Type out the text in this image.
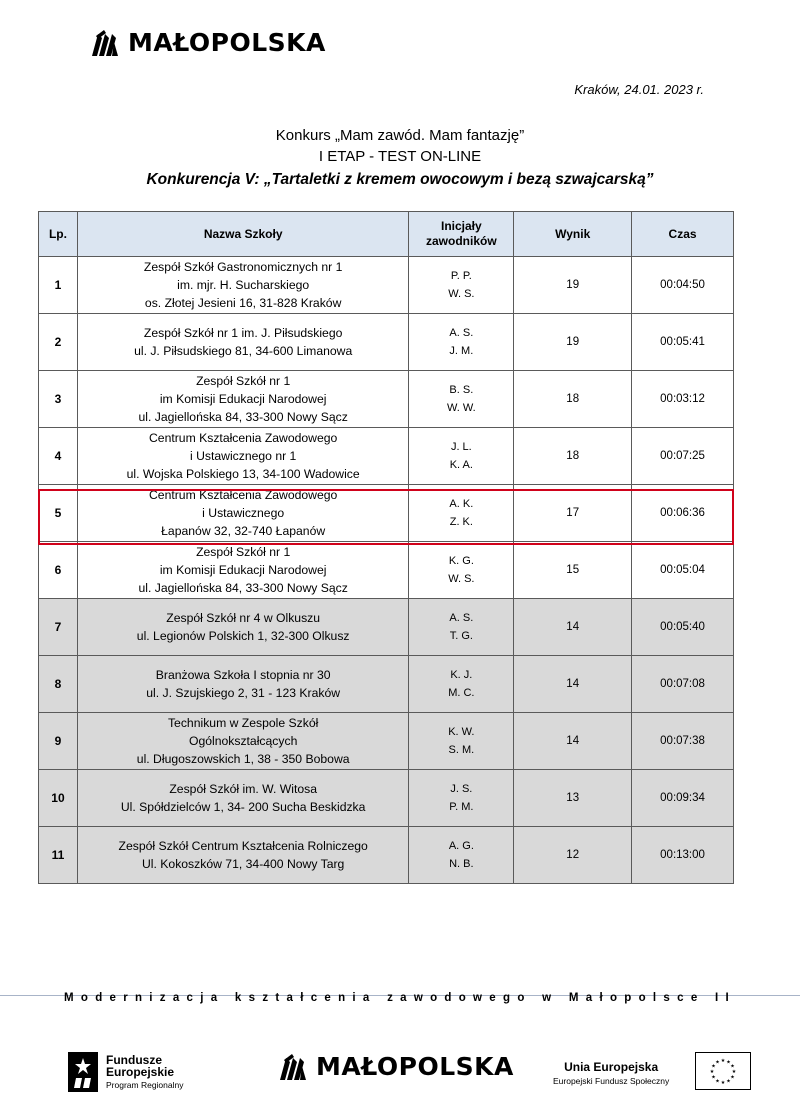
MAŁOPOLSKA
Kraków, 24.01. 2023 r.
Konkurs „Mam zawód. Mam fantazję”
I ETAP - TEST ON-LINE
Konkurencja V: „Tartaletki z kremem owocowym i bezą szwajcarską”
Lp.	Nazwa Szkoły	Inicjały
zawodników	Wynik	Czas
1	Zespół Szkół Gastronomicznych nr 1
im. mjr. H. Sucharskiego
os. Złotej Jesieni 16, 31-828 Kraków	P. P.
W. S.	19	00:04:50
2	Zespół Szkół nr 1 im. J. Piłsudskiego
ul. J. Piłsudskiego 81, 34-600 Limanowa	A. S.
J. M.	19	00:05:41
3	Zespół Szkół nr 1
im Komisji Edukacji Narodowej
ul. Jagiellońska 84, 33-300 Nowy Sącz	B. S.
W. W.	18	00:03:12
4	Centrum Kształcenia Zawodowego
i Ustawicznego nr 1
ul. Wojska Polskiego 13, 34-100 Wadowice	J. L.
K. A.	18	00:07:25
5	Centrum Kształcenia Zawodowego
i Ustawicznego
Łapanów 32, 32-740 Łapanów	A. K.
Z. K.	17	00:06:36
6	Zespół Szkół nr 1
im Komisji Edukacji Narodowej
ul. Jagiellońska 84, 33-300 Nowy Sącz	K. G.
W. S.	15	00:05:04
7	Zespół Szkół nr 4 w Olkuszu
ul. Legionów Polskich 1, 32-300 Olkusz	A. S.
T. G.	14	00:05:40
8	Branżowa Szkoła I stopnia nr 30
ul. J. Szujskiego 2, 31 - 123 Kraków	K. J.
M. C.	14	00:07:08
9	Technikum w Zespole Szkół
Ogólnokształcących
ul. Długoszowskich 1, 38 - 350 Bobowa	K. W.
S. M.	14	00:07:38
10	Zespół Szkół im. W. Witosa
Ul. Spółdzielców 1, 34- 200 Sucha Beskidzka	J. S.
P. M.	13	00:09:34
11	Zespół Szkół Centrum Kształcenia Rolniczego
Ul. Kokoszków 71, 34-400 Nowy Targ	A. G.
N. B.	12	00:13:00
Modernizacja kształcenia zawodowego w Małopolsce II
Fundusze
Europejskie
Program Regionalny
MAŁOPOLSKA	Unia Europejska
Europejski Fundusz Społeczny
★
★
★
★
★
★
★
★
★ ★ ★
★
